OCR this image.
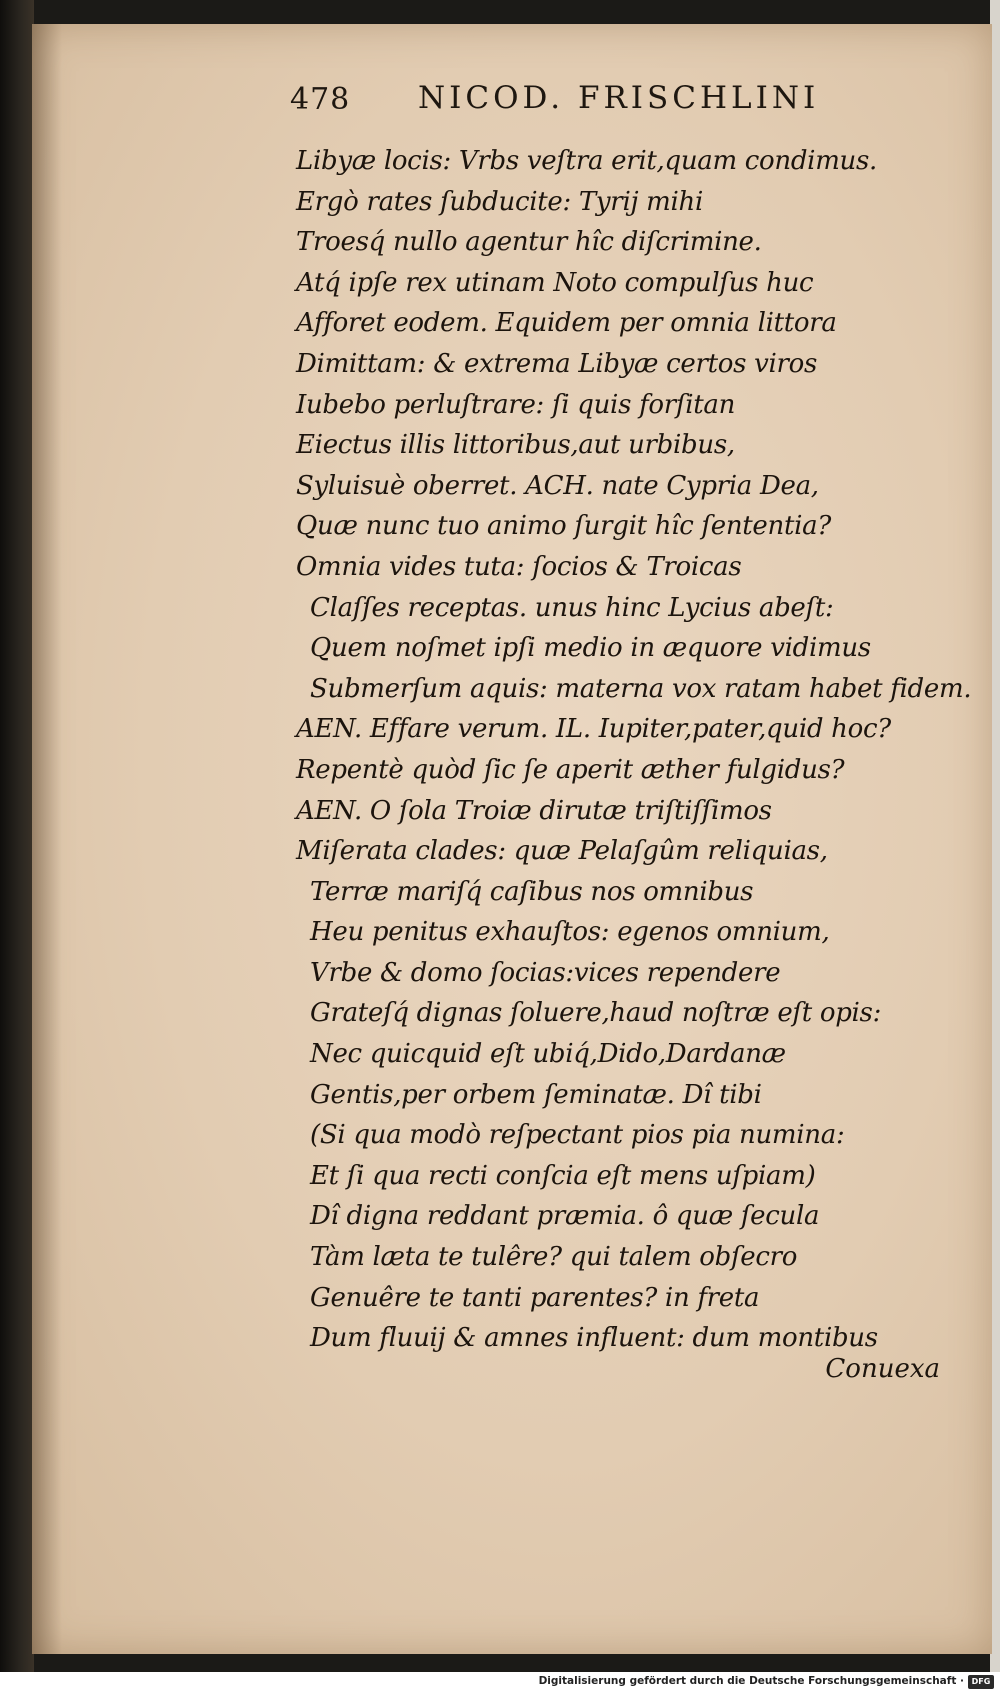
478 NICOD. FRISCHLINI
Libyæ locis: Vrbs veſtra erit,quam condimus.
Ergò rates ſubducite: Tyrij mihi
Troesq́ nullo agentur hîc diſcrimine.
Atq́ ipſe rex utinam Noto compulſus huc
Afforet eodem. Equidem per omnia littora
Dimittam: & extrema Libyæ certos viros
Iubebo perluſtrare: ſi quis forſitan
Eiectus illis littoribus,aut urbibus,
Syluisuè oberret. ACH. nate Cypria Dea,
Quæ nunc tuo animo ſurgit hîc ſententia?
Omnia vides tuta: ſocios & Troicas
Claſſes receptas. unus hinc Lycius abeſt:
Quem noſmet ipſi medio in æquore vidimus
Submerſum aquis: materna vox ratam habet fidem.
AEN. Effare verum. IL. Iupiter,pater,quid hoc?
Repentè quòd ſic ſe aperit æther fulgidus?
AEN. O ſola Troiæ dirutæ triſtiſſimos
Miſerata clades: quæ Pelaſgûm reliquias,
Terræ mariſq́ caſibus nos omnibus
Heu penitus exhauſtos: egenos omnium,
Vrbe & domo ſocias:vices rependere
Grateſq́ dignas ſoluere,haud noſtræ eſt opis:
Nec quicquid eſt ubiq́,Dido,Dardanæ
Gentis,per orbem ſeminatæ. Dî tibi
(Si qua modò reſpectant pios pia numina:
Et ſi qua recti conſcia eſt mens uſpiam)
Dî digna reddant præmia. ô quæ ſecula
Tàm læta te tulêre? qui talem obſecro
Genuêre te tanti parentes? in freta
Dum fluuij & amnes influent: dum montibus
Conuexa
Digitalisierung gefördert durch die Deutsche Forschungsgemeinschaft · DFG
